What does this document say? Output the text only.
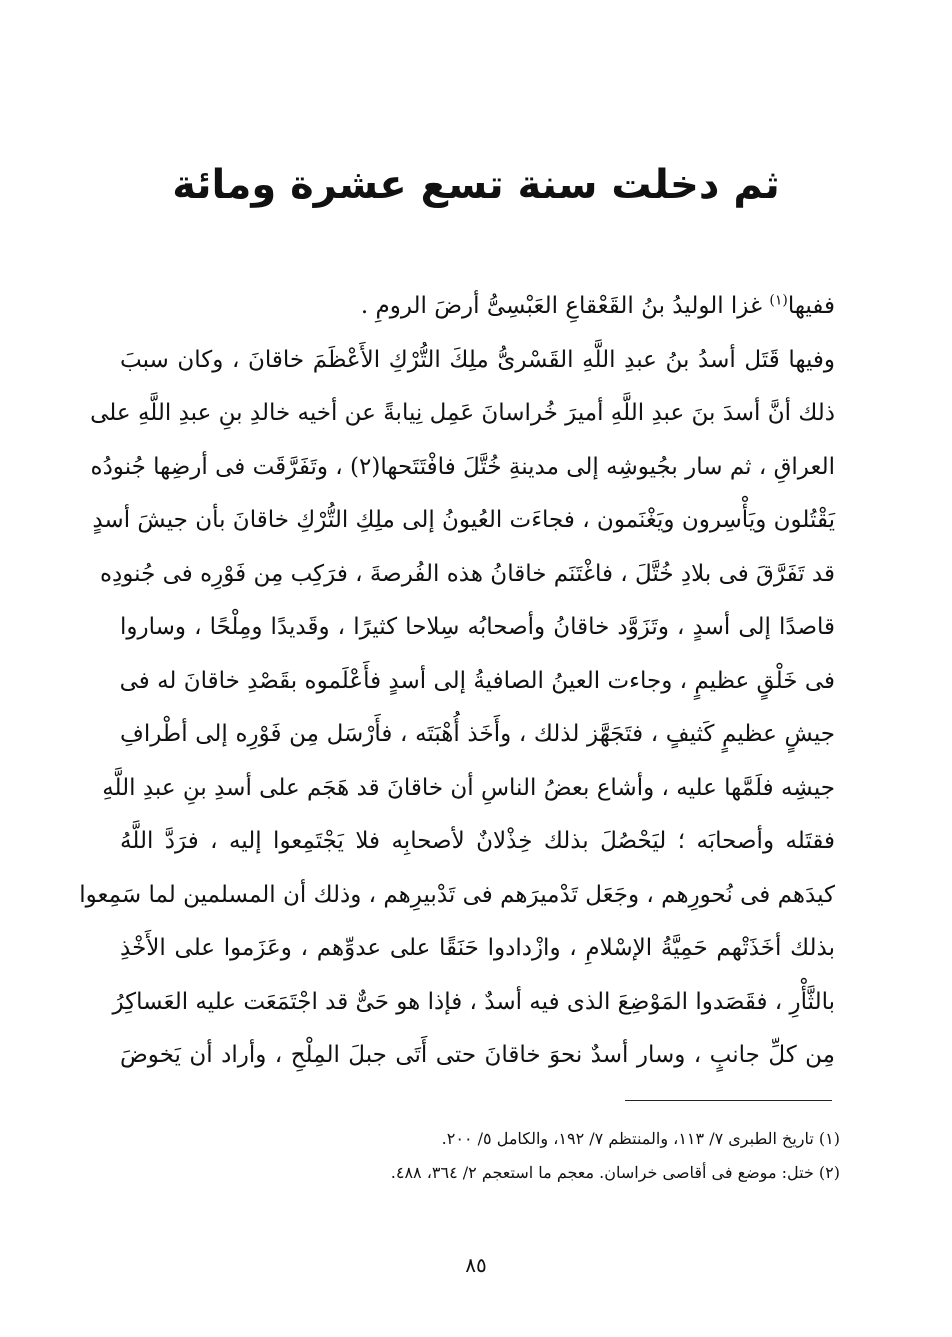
ثم دخلت سنة تسع عشرة ومائة
ففيها$^{(١)}$ غزا الوليدُ بنُ القَعْقاعِ العَبْسِىُّ أرضَ الرومِ .
وفيها قَتَل أسدُ بنُ عبدِ اللَّهِ القَسْرىُّ ملِكَ التُّرْكِ الأَعْظَمَ خاقانَ ، وكان سببَ
ذلك أنَّ أسدَ بنَ عبدِ اللَّهِ أميرَ خُراسانَ عَمِل نِيابةً عن أخيه خالدِ بنِ عبدِ اللَّهِ على
العراقِ ، ثم سار بجُيوشِه إلى مدينةِ خُتَّلَ فافْتَتَحها(٢) ، وتَفَرَّقَت فى أرضِها جُنودُه
يَقْتُلون ويَأْسِرون ويَغْنَمون ، فجاءَت العُيونُ إلى ملِكِ التُّرْكِ خاقانَ بأن جيشَ أسدٍ
قد تَفَرَّقَ فى بلادِ خُتَّلَ ، فاغْتَنَم خاقانُ هذه الفُرصةَ ، فرَكِب مِن فَوْرِه فى جُنودِه
قاصدًا إلى أسدٍ ، وتَزَوَّد خاقانُ وأصحابُه سِلاحا كثيرًا ، وقَديدًا ومِلْحًا ، وساروا
فى خَلْقٍ عظيمٍ ، وجاءت العينُ الصافيةُ إلى أسدٍ فأَعْلَموه بقَصْدِ خاقانَ له فى
جيشٍ عظيمٍ كَثيفٍ ، فتَجَهَّز لذلك ، وأَخَذ أُهْبَتَه ، فأَرْسَل مِن فَوْرِه إلى أطْرافِ
جيشِه فلَمَّها عليه ، وأشاع بعضُ الناسِ أن خاقانَ قد هَجَم على أسدِ بنِ عبدِ اللَّهِ
فقتَله وأصحابَه ؛ ليَحْصُلَ بذلك خِذْلانٌ لأصحابِه فلا يَجْتَمِعوا إليه ، فرَدَّ اللَّهُ
كيدَهم فى نُحورِهم ، وجَعَل تَدْميرَهم فى تَدْبيرِهم ، وذلك أن المسلمين لما سَمِعوا
بذلك أخَذَتْهم حَمِيَّةُ الإسْلامِ ، وازْدادوا حَنَقًا على عدوِّهم ، وعَزَموا على الأَخْذِ
بالثَّأْرِ ، فقَصَدوا المَوْضِعَ الذى فيه أسدٌ ، فإذا هو حَىٌّ قد اجْتَمَعَت عليه العَساكِرُ
مِن كلِّ جانبٍ ، وسار أسدٌ نحوَ خاقانَ حتى أَتَى جبلَ المِلْحِ ، وأراد أن يَخوضَ
(١) تاريخ الطبرى ٧/ ١١٣، والمنتظم ٧/ ١٩٢، والكامل ٥/ ٢٠٠.
(٢) ختل: موضع فى أقاصى خراسان. معجم ما استعجم ٢/ ٣٦٤، ٤٨٨.
٨٥
